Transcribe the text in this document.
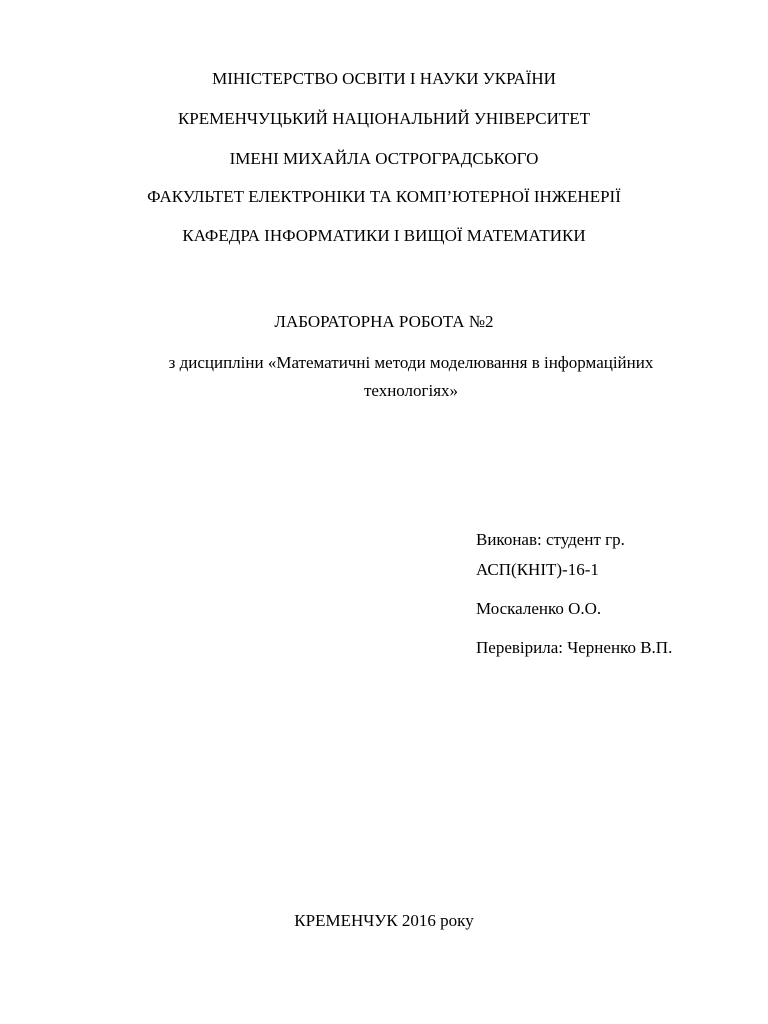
МІНІСТЕРСТВО ОСВІТИ І НАУКИ УКРАЇНИ
КРЕМЕНЧУЦЬКИЙ НАЦІОНАЛЬНИЙ УНІВЕРСИТЕТ
ІМЕНІ МИХАЙЛА ОСТРОГРАДСЬКОГО
ФАКУЛЬТЕТ ЕЛЕКТРОНІКИ ТА КОМП’ЮТЕРНОЇ ІНЖЕНЕРІЇ
КАФЕДРА ІНФОРМАТИКИ І ВИЩОЇ МАТЕМАТИКИ
ЛАБОРАТОРНА РОБОТА №2
з дисципліни «Математичні методи моделювання в інформаційних технологіях»
Виконав: студент гр.
АСП(КНІТ)-16-1
Москаленко О.О.
Перевірила: Черненко В.П.
КРЕМЕНЧУК 2016 року
